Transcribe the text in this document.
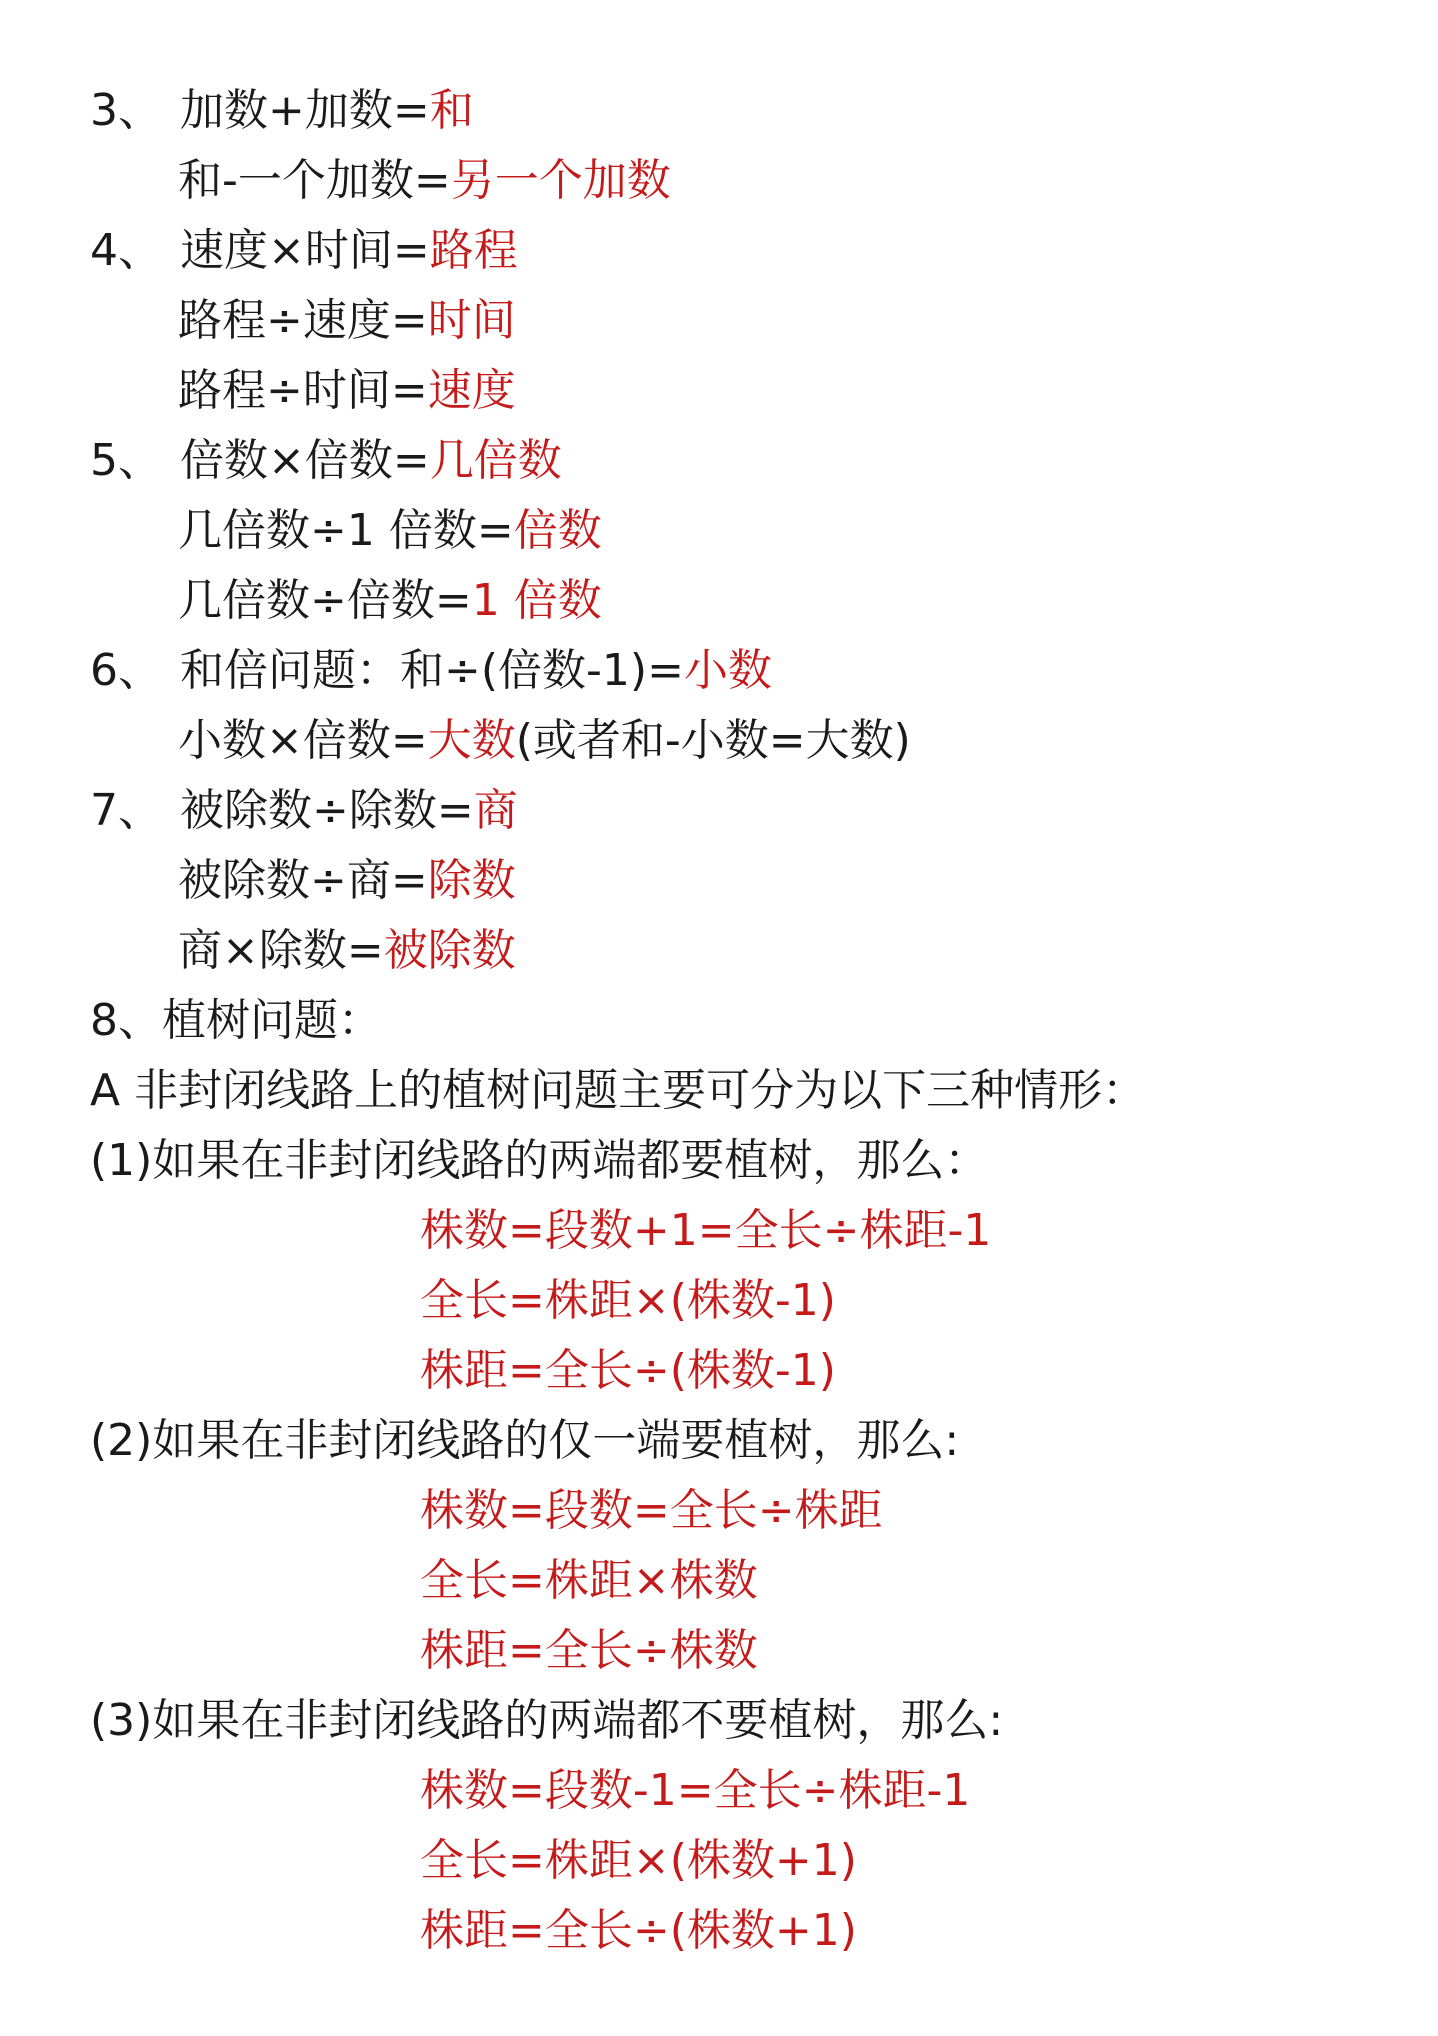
3、 加数+加数=和
和-一个加数=另一个加数
4、 速度×时间=路程
路程÷速度=时间
路程÷时间=速度
5、 倍数×倍数=几倍数
几倍数÷1 倍数=倍数
几倍数÷倍数=1 倍数
6、 和倍问题：和÷(倍数-1)=小数
小数×倍数=大数(或者和-小数=大数)
7、 被除数÷除数=商
被除数÷商=除数
商×除数=被除数
8、植树问题：
A 非封闭线路上的植树问题主要可分为以下三种情形：
(1)如果在非封闭线路的两端都要植树，那么：
株数=段数+1=全长÷株距-1
全长=株距×(株数-1)
株距=全长÷(株数-1)
(2)如果在非封闭线路的仅一端要植树，那么:
株数=段数=全长÷株距
全长=株距×株数
株距=全长÷株数
(3)如果在非封闭线路的两端都不要植树，那么:
株数=段数-1=全长÷株距-1
全长=株距×(株数+1)
株距=全长÷(株数+1)
